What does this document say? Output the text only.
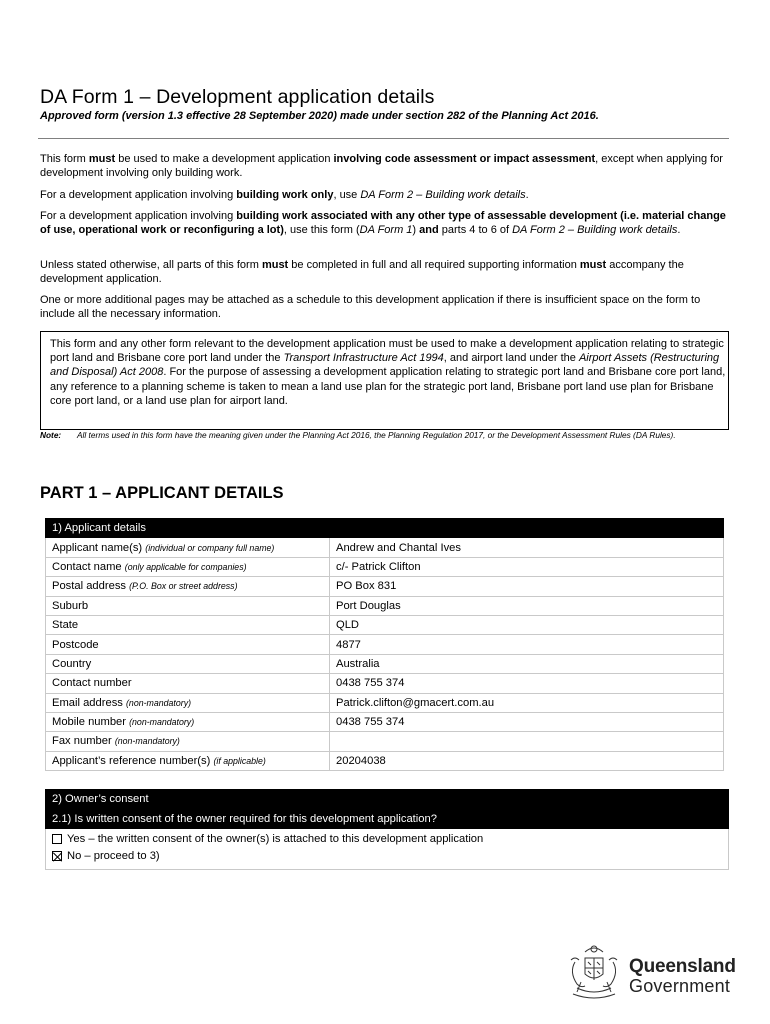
DA Form 1 – Development application details

Approved form (version 1.3 effective 28 September 2020) made under section 282 of the Planning Act 2016.

This form must be used to make a development application involving code assessment or impact assessment, except when applying for development involving only building work.

For a development application involving building work only, use DA Form 2 – Building work details.

For a development application involving building work associated with any other type of assessable development (i.e. material change of use, operational work or reconfiguring a lot), use this form (DA Form 1) and parts 4 to 6 of DA Form 2 – Building work details.

Unless stated otherwise, all parts of this form must be completed in full and all required supporting information must accompany the development application.

One or more additional pages may be attached as a schedule to this development application if there is insufficient space on the form to include all the necessary information.

This form and any other form relevant to the development application must be used to make a development application relating to strategic port land and Brisbane core port land under the Transport Infrastructure Act 1994, and airport land under the Airport Assets (Restructuring and Disposal) Act 2008. For the purpose of assessing a development application relating to strategic port land and Brisbane core port land, any reference to a planning scheme is taken to mean a land use plan for the strategic port land, Brisbane port land use plan for Brisbane core port land, or a land use plan for airport land.
Note: All terms used in this form have the meaning given under the Planning Act 2016, the Planning Regulation 2017, or the Development Assessment Rules (DA Rules).
PART 1 – APPLICANT DETAILS
1) Applicant details	
Applicant name(s) (individual or company full name)	Andrew and Chantal Ives
Contact name (only applicable for companies)	c/- Patrick Clifton
Postal address (P.O. Box or street address)	PO Box 831
Suburb	Port Douglas
State	QLD
Postcode	4877
Country	Australia
Contact number	0438 755 374
Email address (non-mandatory)	Patrick.clifton@gmacert.com.au
Mobile number (non-mandatory)	0438 755 374
Fax number (non-mandatory)	
Applicant’s reference number(s) (if applicable)	20204038
2) Owner’s consent
2.1) Is written consent of the owner required for this development application?

Yes – the written consent of the owner(s) is attached to this development application
No – proceed to 3)
Queensland
Government
